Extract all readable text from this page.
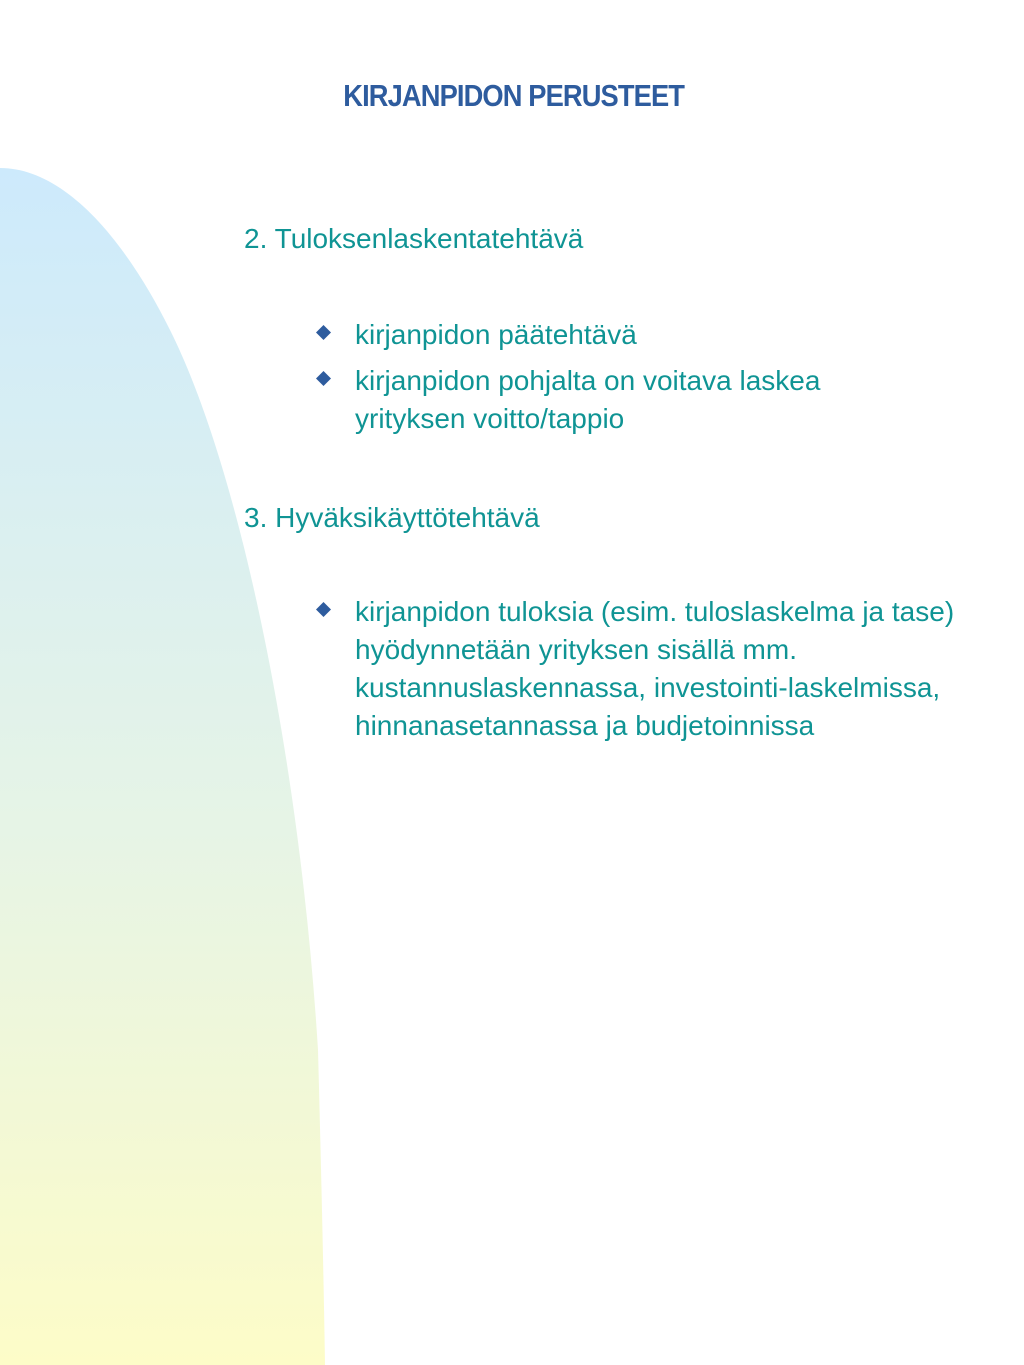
KIRJANPIDON PERUSTEET
2. Tuloksenlaskentatehtävä
kirjanpidon päätehtävä
kirjanpidon pohjalta on voitava laskea yrityksen voitto/tappio
3. Hyväksikäyttötehtävä
kirjanpidon tuloksia (esim. tuloslaskelma ja tase) hyödynnetään yrityksen sisällä mm. kustannuslaskennassa, investointi-laskelmissa, hinnanasetannassa ja budjetoinnissa
